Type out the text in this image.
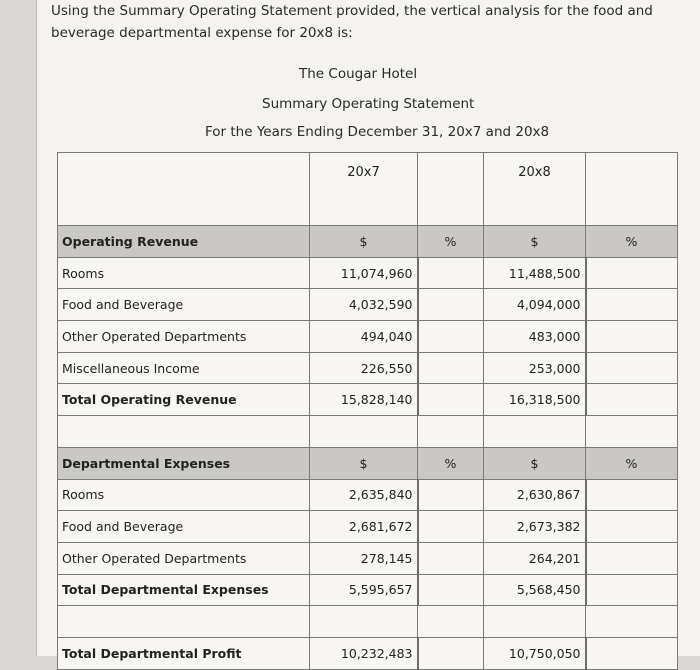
Using the Summary Operating Statement provided, the vertical analysis for the food and beverage departmental expense for 20x8 is:
The Cougar Hotel
Summary Operating Statement
For the Years Ending December 31, 20x7 and 20x8
	20x7		20x8	
Operating Revenue	$	%	$	%
Rooms	11,074,960		11,488,500	
Food and Beverage	4,032,590		4,094,000	
Other Operated Departments	494,040		483,000	
Miscellaneous Income	226,550		253,000	
Total Operating Revenue	15,828,140		16,318,500	

Departmental Expenses	$	%	$	%
Rooms	2,635,840		2,630,867	
Food and Beverage	2,681,672		2,673,382	
Other Operated Departments	278,145		264,201	
Total Departmental Expenses	5,595,657		5,568,450	

Total Departmental Profit	10,232,483		10,750,050	
